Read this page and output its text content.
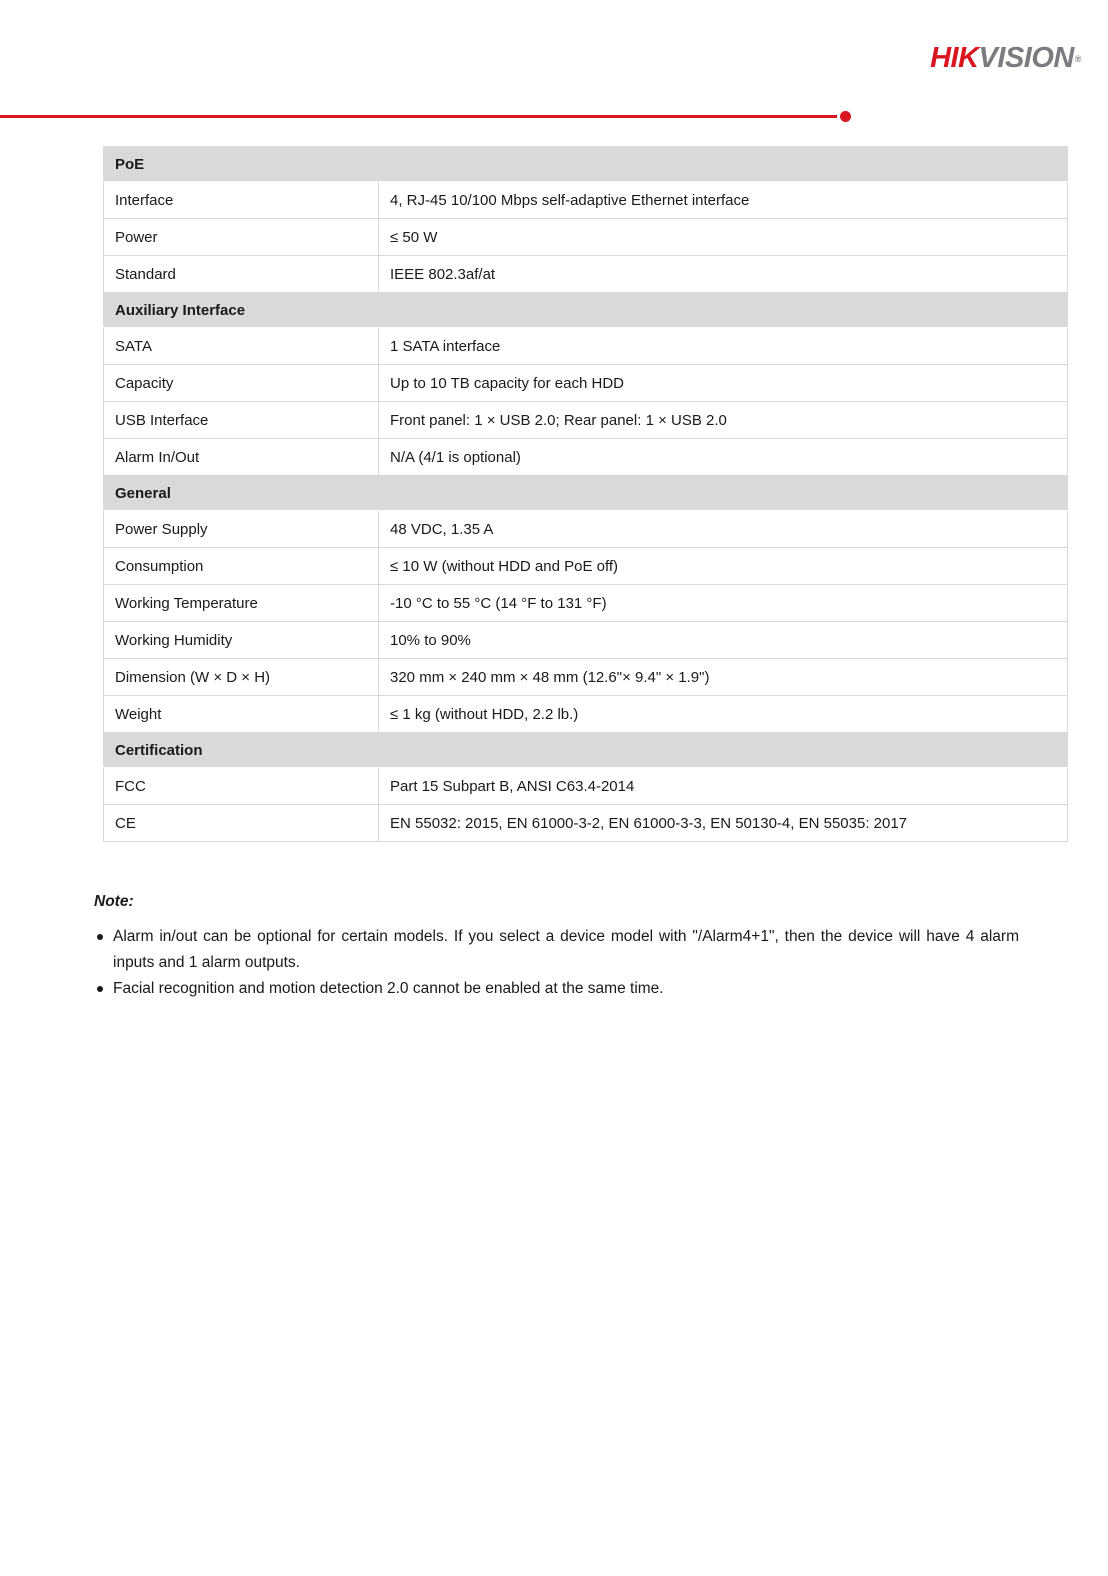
HIKVISION®
PoE	
Interface	4, RJ-45 10/100 Mbps self-adaptive Ethernet interface
Power	≤ 50 W
Standard	IEEE 802.3af/at
Auxiliary Interface	
SATA	1 SATA interface
Capacity	Up to 10 TB capacity for each HDD
USB Interface	Front panel: 1 × USB 2.0; Rear panel: 1 × USB 2.0
Alarm In/Out	N/A (4/1 is optional)
General	
Power Supply	48 VDC, 1.35 A
Consumption	≤ 10 W (without HDD and PoE off)
Working Temperature	-10 °C to 55 °C (14 °F to 131 °F)
Working Humidity	10% to 90%
Dimension (W × D × H)	320 mm × 240 mm × 48 mm (12.6"× 9.4" × 1.9")
Weight	≤ 1 kg (without HDD, 2.2 lb.)
Certification	
FCC	Part 15 Subpart B, ANSI C63.4-2014
CE	EN 55032: 2015, EN 61000-3-2, EN 61000-3-3, EN 50130-4, EN 55035: 2017
Note:
Alarm in/out can be optional for certain models. If you select a device model with "/Alarm4+1", then the device will have 4 alarm inputs and 1 alarm outputs.
Facial recognition and motion detection 2.0 cannot be enabled at the same time.
